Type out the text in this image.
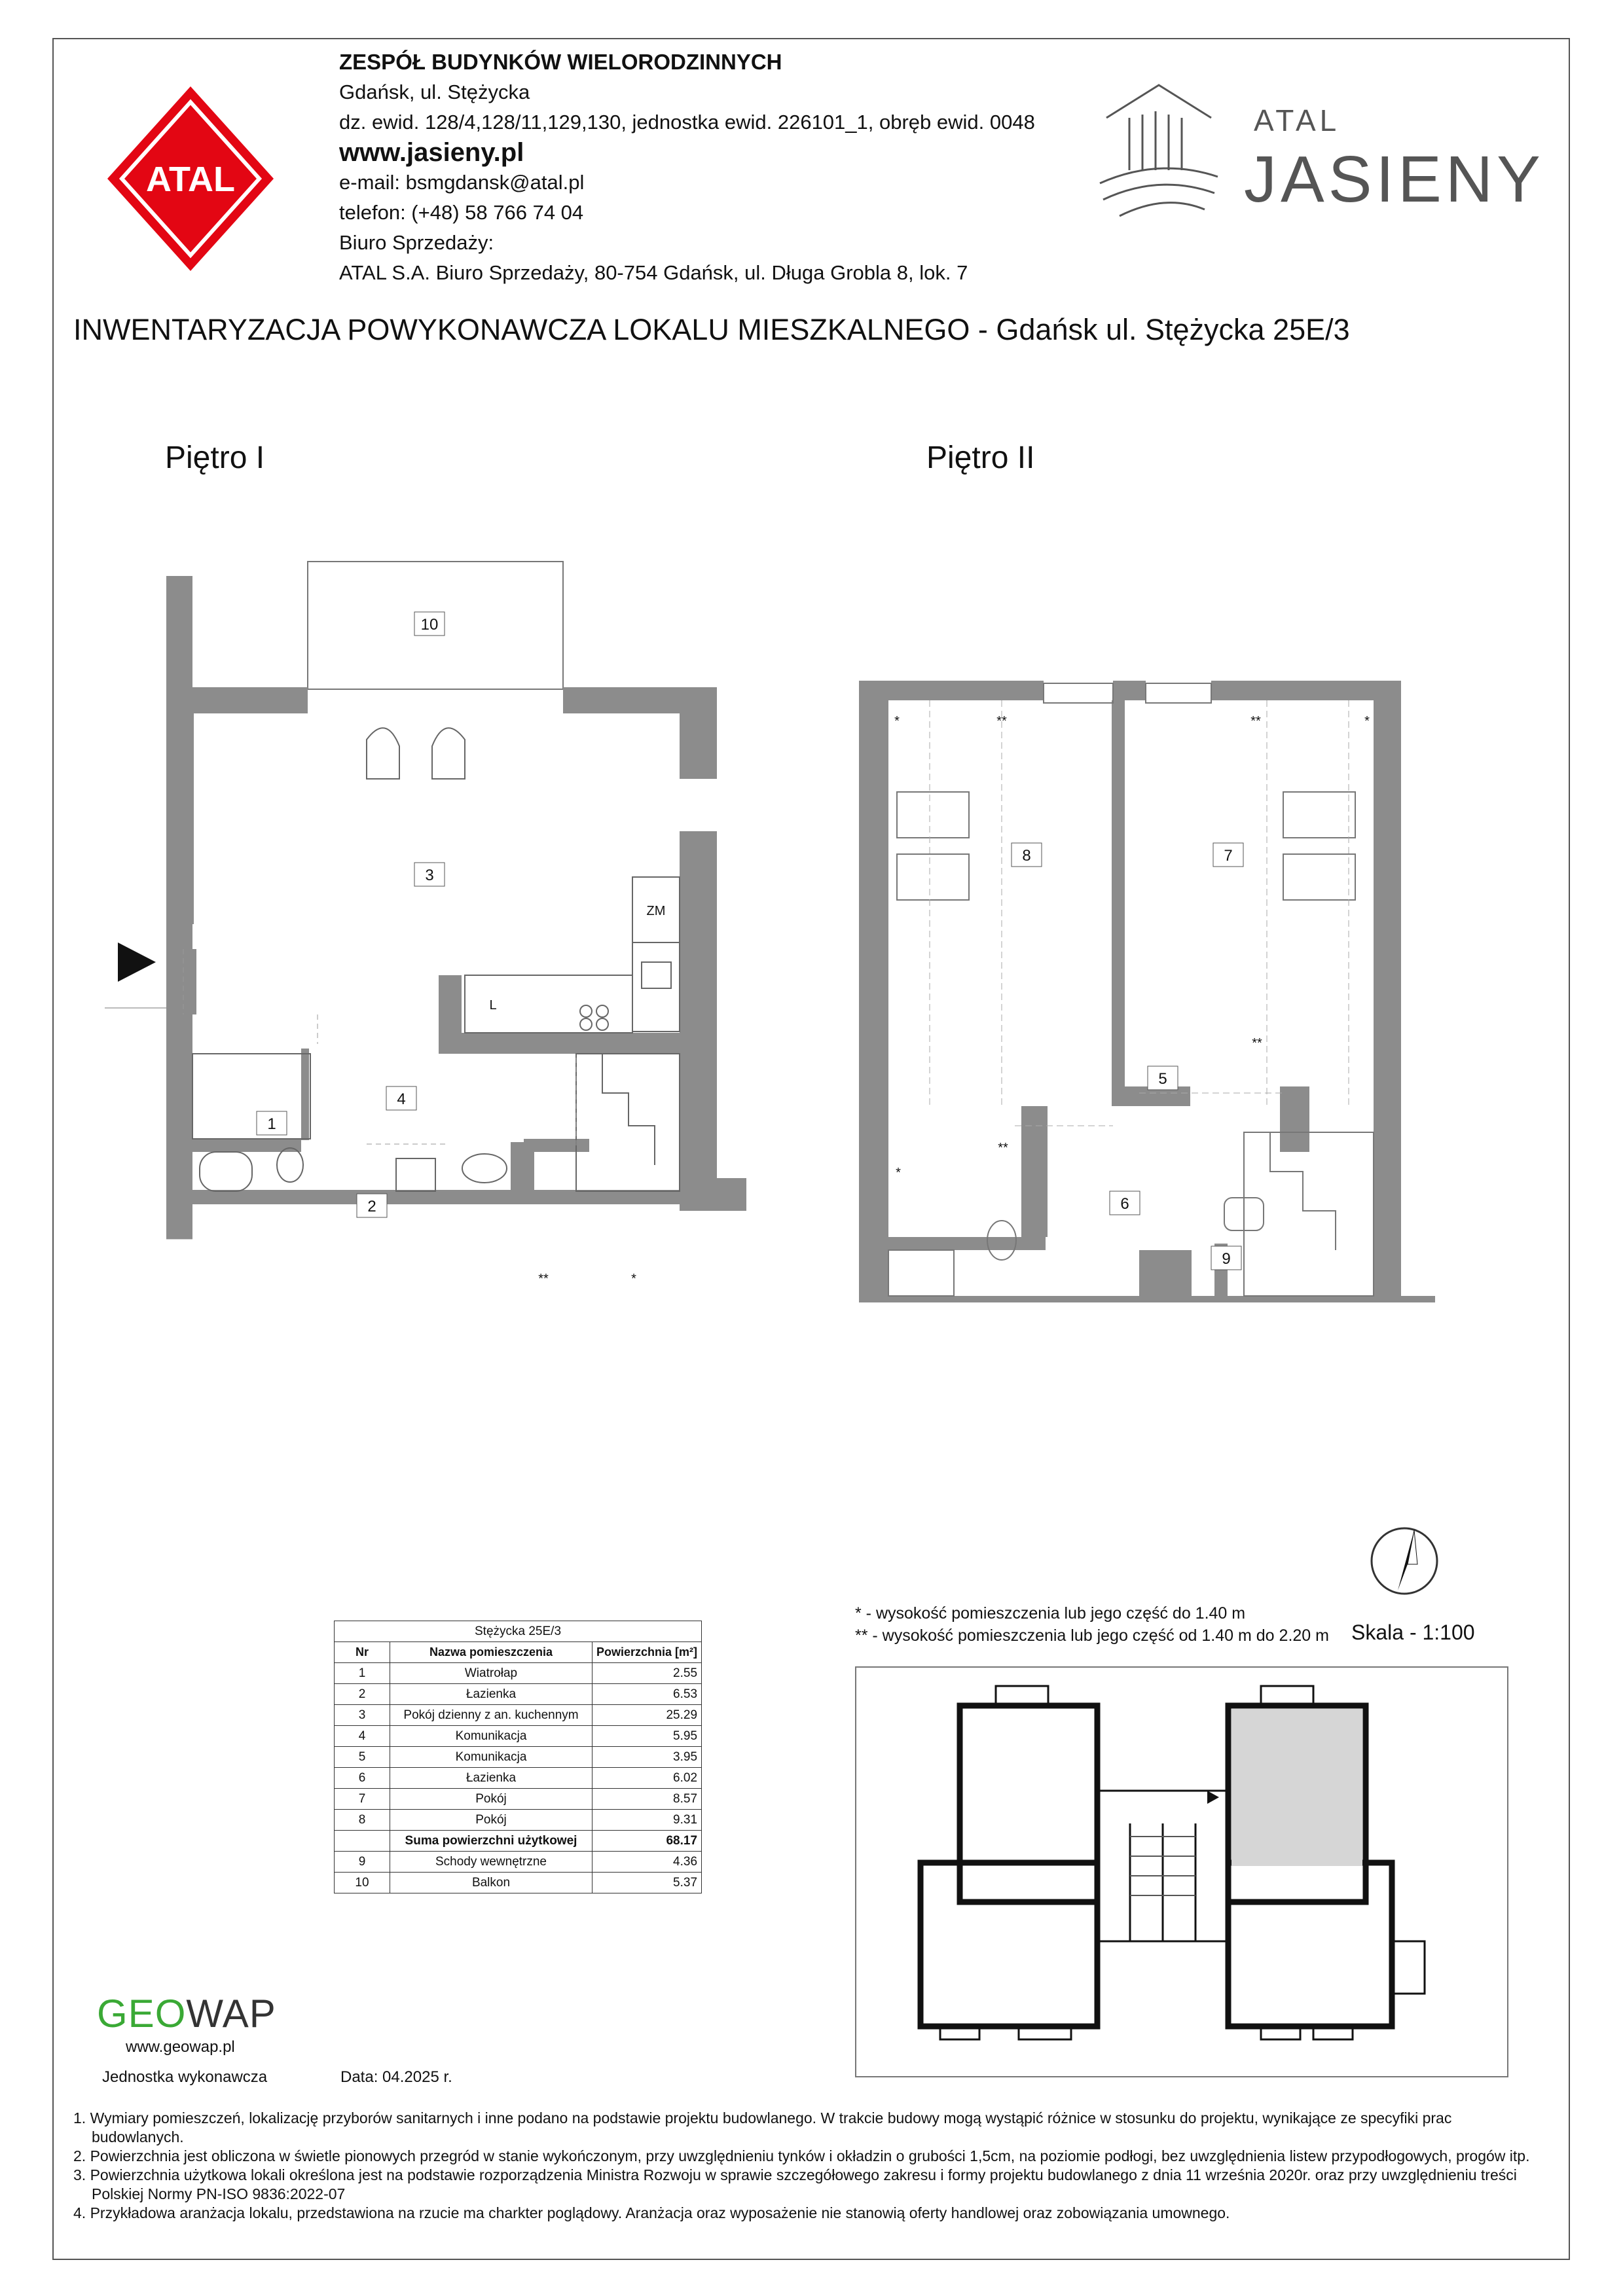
ATAL
ZESPÓŁ BUDYNKÓW WIELORODZINNYCH
Gdańsk, ul. Stężycka
dz. ewid. 128/4,128/11,129,130, jednostka ewid. 226101_1, obręb ewid. 0048
www.jasieny.pl
e-mail: bsmgdansk@atal.pl
telefon: (+48) 58 766 74 04
Biuro Sprzedaży:
ATAL S.A. Biuro Sprzedaży, 80-754 Gdańsk, ul. Długa Grobla 8, lok. 7
ATAL
JASIENY
INWENTARYZACJA POWYKONAWCZA LOKALU MIESZKALNEGO - Gdańsk ul. Stężycka 25E/3
Piętro I	Piętro II
10
3
1
4
2
ZM
L
**	*
8	7
5
6
9
*	**	**	*
**
**
*
Skala - 1:100
* - wysokość pomieszczenia lub jego część do 1.40 m
** - wysokość pomieszczenia lub jego część od 1.40 m do 2.20 m
Stężycka 25E/3		
Nr	Nazwa pomieszczenia	Powierzchnia [m²]
1	Wiatrołap	2.55
2	Łazienka	6.53
3	Pokój dzienny z an. kuchennym	25.29
4	Komunikacja	5.95
5	Komunikacja	3.95
6	Łazienka	6.02
7	Pokój	8.57
8	Pokój	9.31
	Suma powierzchni użytkowej	68.17
9	Schody wewnętrzne	4.36
10	Balkon	5.37
GEOWAP
www.geowap.pl
Jednostka wykonawcza	Data: 04.2025 r.
1. Wymiary pomieszczeń, lokalizację przyborów sanitarnych i inne podano na podstawie projektu budowlanego. W trakcie budowy mogą wystąpić różnice w stosunku do projektu, wynikające ze specyfiki prac budowlanych.
2. Powierzchnia jest obliczona w świetle pionowych przegród w stanie wykończonym, przy uwzględnieniu tynków i okładzin o grubości 1,5cm, na poziomie podłogi, bez uwzględnienia listew przypodłogowych, progów itp.
3. Powierzchnia użytkowa lokali określona jest na podstawie rozporządzenia Ministra Rozwoju w sprawie szczegółowego zakresu i formy projektu budowlanego z dnia 11 września 2020r. oraz przy uwzględnieniu treści Polskiej Normy PN-ISO 9836:2022-07
4. Przykładowa aranżacja lokalu, przedstawiona na rzucie ma charkter poglądowy. Aranżacja oraz wyposażenie nie stanowią oferty handlowej oraz zobowiązania umownego.
